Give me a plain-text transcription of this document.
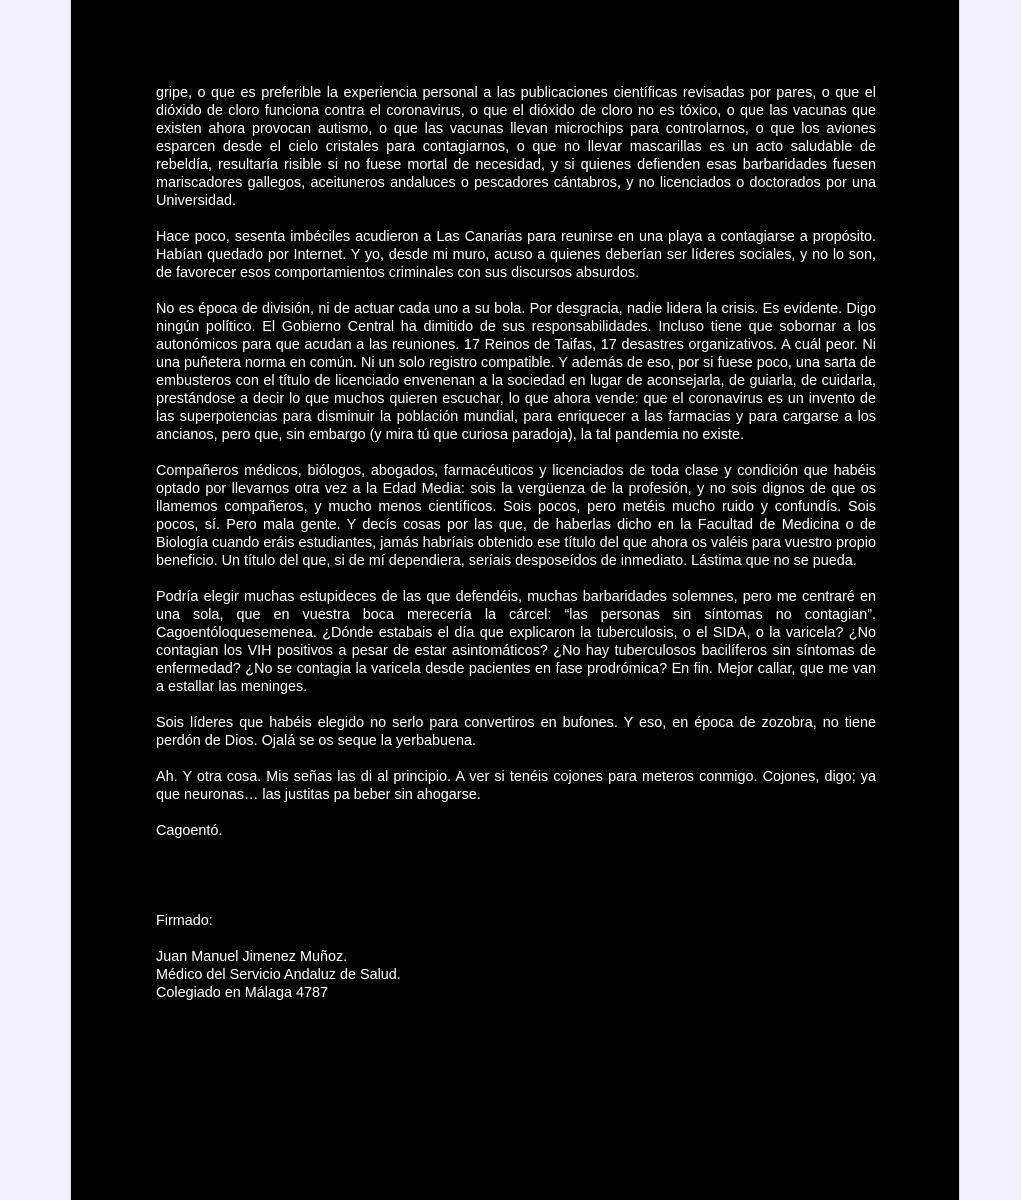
gripe, o que es preferible la experiencia personal a las publicaciones científicas revisadas por pares, o que el dióxido de cloro funciona contra el coronavirus, o que el dióxido de cloro no es tóxico, o que las vacunas que existen ahora provocan autismo, o que las vacunas llevan microchips para controlarnos, o que los aviones esparcen desde el cielo cristales para contagiarnos, o que no llevar mascarillas es un acto saludable de rebeldía, resultaría risible si no fuese mortal de necesidad, y si quienes defienden esas barbaridades fuesen mariscadores gallegos, aceituneros andaluces o pescadores cántabros, y no licenciados o doctorados por una Universidad.

Hace poco, sesenta imbéciles acudieron a Las Canarias para reunirse en una playa a contagiarse a propósito. Habían quedado por Internet. Y yo, desde mi muro, acuso a quienes deberían ser líderes sociales, y no lo son, de favorecer esos comportamientos criminales con sus discursos absurdos.

No es época de división, ni de actuar cada uno a su bola. Por desgracia, nadie lidera la crisis. Es evidente. Digo ningún político. El Gobierno Central ha dimitido de sus responsabilidades. Incluso tiene que sobornar a los autonómicos para que acudan a las reuniones. 17 Reinos de Taifas, 17 desastres organizativos. A cuál peor. Ni una puñetera norma en común. Ni un solo registro compatible. Y además de eso, por si fuese poco, una sarta de embusteros con el título de licenciado envenenan a la sociedad en lugar de aconsejarla, de guiarla, de cuidarla, prestándose a decir lo que muchos quieren escuchar, lo que ahora vende: que el coronavirus es un invento de las superpotencias para disminuir la población mundial, para enriquecer a las farmacias y para cargarse a los ancianos, pero que, sin embargo (y mira tú que curiosa paradoja), la tal pandemia no existe.

Compañeros médicos, biólogos, abogados, farmacéuticos y licenciados de toda clase y condición que habéis optado por llevarnos otra vez a la Edad Media: sois la vergüenza de la profesión, y no sois dignos de que os llamemos compañeros, y mucho menos científicos. Sois pocos, pero metéis mucho ruido y confundís. Sois pocos, sí. Pero mala gente. Y decís cosas por las que, de haberlas dicho en la Facultad de Medicina o de Biología cuando eráis estudiantes, jamás habríais obtenido ese título del que ahora os valéis para vuestro propio beneficio. Un título del que, si de mí dependiera, seríais desposeídos de inmediato. Lástima que no se pueda.

Podría elegir muchas estupideces de las que defendéis, muchas barbaridades solemnes, pero me centraré en una sola, que en vuestra boca merecería la cárcel: “las personas sin síntomas no contagian”. Cagoentóloquesemenea. ¿Dónde estabais el día que explicaron la tuberculosis, o el SIDA, o la varicela? ¿No contagian los VIH positivos a pesar de estar asintomáticos? ¿No hay tuberculosos bacilíferos sin síntomas de enfermedad? ¿No se contagia la varicela desde pacientes en fase prodrómica? En fin. Mejor callar, que me van a estallar las meninges.

Sois líderes que habéis elegido no serlo para convertiros en bufones. Y eso, en época de zozobra, no tiene perdón de Dios. Ojalá se os seque la yerbabuena.

Ah. Y otra cosa. Mis señas las di al principio. A ver si tenéis cojones para meteros conmigo. Cojones, digo; ya que neuronas… las justitas pa beber sin ahogarse.

Cagoentó.

Firmado:

Juan Manuel Jimenez Muñoz.
Médico del Servicio Andaluz de Salud.
Colegiado en Málaga 4787
